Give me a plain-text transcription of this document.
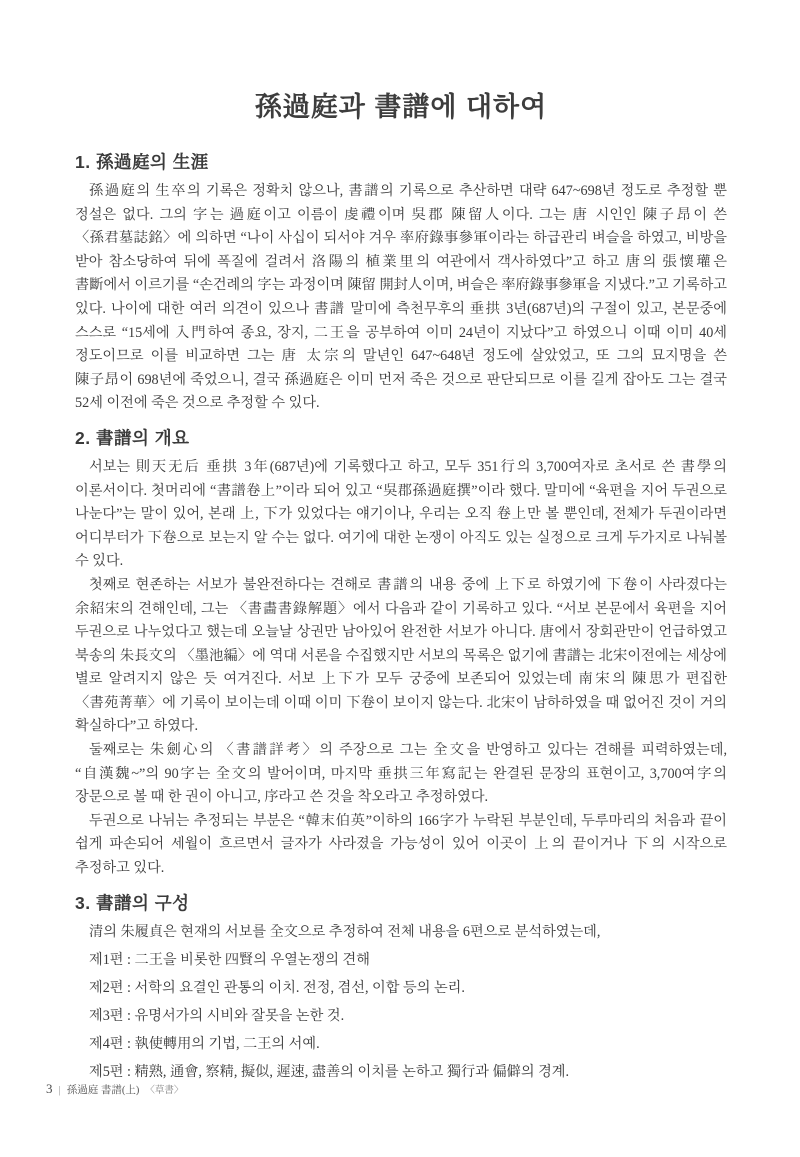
孫過庭과 書譜에 대하여
1. 孫過庭의 生涯

孫過庭의 生卒의 기록은 정확치 않으나, 書譜의 기록으로 추산하면 대략 647~698년 정도로 추정할 뿐 정설은 없다. 그의 字는 過庭이고 이름이 虔禮이며 吳郡 陳留人이다. 그는 唐 시인인 陳子昂이 쓴 〈孫君墓誌銘〉에 의하면 “나이 사십이 되서야 겨우 率府錄事參軍이라는 하급관리 벼슬을 하였고, 비방을 받아 참소당하여 뒤에 폭질에 걸려서 洛陽의 植業里의 여관에서 객사하였다”고 하고 唐의 張懷瓘은 書斷에서 이르기를 “손건례의 字는 과정이며 陳留 開封人이며, 벼슬은 率府錄事參軍을 지냈다.”고 기록하고 있다. 나이에 대한 여러 의견이 있으나 書譜 말미에 측천무후의 垂拱 3년(687년)의 구절이 있고, 본문중에 스스로 “15세에 入門하여 종요, 장지, 二王을 공부하여 이미 24년이 지났다”고 하였으니 이때 이미 40세 정도이므로 이를 비교하면 그는 唐 太宗의 말년인 647~648년 정도에 살았었고, 또 그의 묘지명을 쓴 陳子昂이 698년에 죽었으니, 결국 孫過庭은 이미 먼저 죽은 것으로 판단되므로 이를 길게 잡아도 그는 결국 52세 이전에 죽은 것으로 추정할 수 있다.

2. 書譜의 개요

서보는 則天无后 垂拱 3年(687년)에 기록했다고 하고, 모두 351行의 3,700여자로 초서로 쓴 書學의 이론서이다. 첫머리에 “書譜卷上”이라 되어 있고 “吳郡孫過庭撰”이라 했다. 말미에 “육편을 지어 두권으로 나눈다”는 말이 있어, 본래 上, 下가 있었다는 얘기이나, 우리는 오직 卷上만 볼 뿐인데, 전체가 두권이라면 어디부터가 下卷으로 보는지 알 수는 없다. 여기에 대한 논쟁이 아직도 있는 실정으로 크게 두가지로 나눠볼 수 있다.

첫째로 현존하는 서보가 불완전하다는 견해로 書譜의 내용 중에 上下로 하였기에 下卷이 사라졌다는 余紹宋의 견해인데, 그는 〈書畵書錄解題〉에서 다음과 같이 기록하고 있다. “서보 본문에서 육편을 지어 두권으로 나누었다고 했는데 오늘날 상권만 남아있어 완전한 서보가 아니다. 唐에서 장회관만이 언급하였고 북송의 朱長文의 〈墨池編〉에 역대 서론을 수집했지만 서보의 목록은 없기에 書譜는 北宋이전에는 세상에 별로 알려지지 않은 듯 여겨진다. 서보 上下가 모두 궁중에 보존되어 있었는데 南宋의 陳思가 편집한 〈書苑菁華〉에 기록이 보이는데 이때 이미 下卷이 보이지 않는다. 北宋이 남하하였을 때 없어진 것이 거의 확실하다”고 하였다.

둘째로는 朱劍心의 〈書譜詳考〉의 주장으로 그는 全文을 반영하고 있다는 견해를 피력하였는데, “自漢魏~”의 90字는 全文의 발어이며, 마지막 垂拱三年寫記는 완결된 문장의 표현이고, 3,700여字의 장문으로 볼 때 한 권이 아니고, 序라고 쓴 것을 착오라고 추정하였다.

두권으로 나뉘는 추정되는 부분은 “韓末伯英”이하의 166字가 누락된 부분인데, 두루마리의 처음과 끝이 쉽게 파손되어 세월이 흐르면서 글자가 사라졌을 가능성이 있어 이곳이 上의 끝이거나 下의 시작으로 추정하고 있다.

3. 書譜의 구성

清의 朱履貞은 현재의 서보를 全文으로 추정하여 전체 내용을 6편으로 분석하였는데,

제1편 : 二王을 비롯한 四賢의 우열논쟁의 견해
제2편 : 서학의 요결인 관통의 이치. 전정, 겸선, 이합 등의 논리.
제3편 : 유명서가의 시비와 잘못을 논한 것.
제4편 : 執使轉用의 기법, 二王의 서예.
제5편 : 精熟, 通會, 察精, 擬似, 遲速, 盡善의 이치를 논하고 獨行과 偏僻의 경계.
3 | 孫過庭 書譜(上) 〈草書〉
